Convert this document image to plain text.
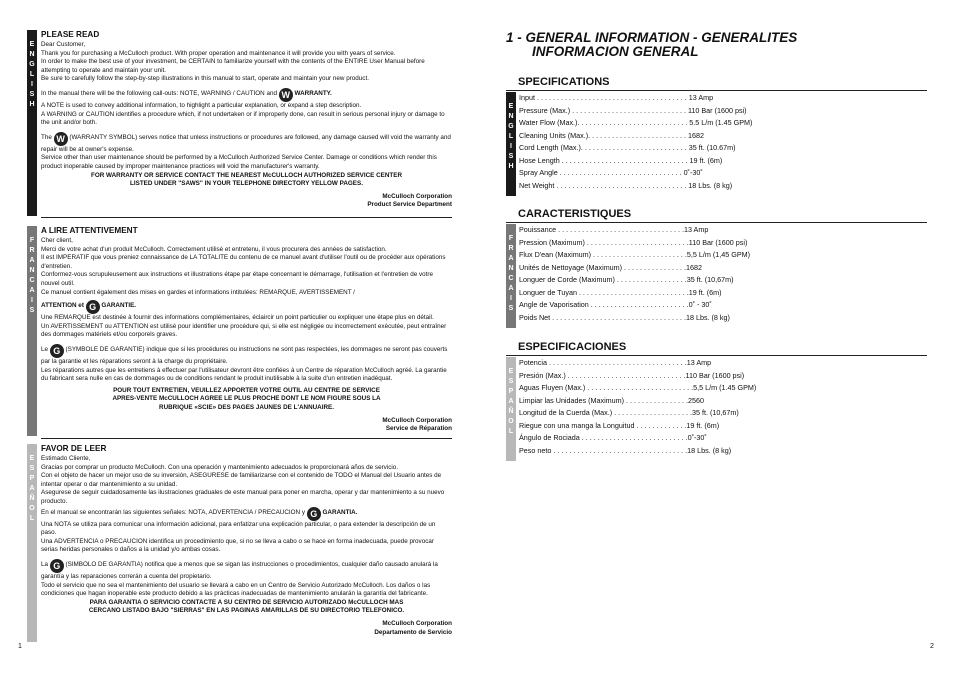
E
N
G
L
I
S
H
PLEASE READ

Dear Customer,

Thank you for purchasing a McCulloch product. With proper operation and maintenance it will provide you with years of service.

In order to make the best use of your investment, be CERTAIN to familiarize yourself with the contents of the ENTIRE User Manual before attempting to operate and maintain your unit.

Be sure to carefully follow the step-by-step illustrations in this manual to start, operate and maintain your new product.

In the manual there will be the following call-outs: NOTE, WARNING / CAUTION and W WARRANTY.

A NOTE is used to convey additional information, to highlight a particular explanation, or expand a step description.

A WARNING or CAUTION identifies a procedure which, if not undertaken or if improperly done, can result in serious personal injury or damage to the unit and/or both.

The W (WARRANTY SYMBOL) serves notice that unless instructions or procedures are followed, any damage caused will void the warranty and repair will be at owner's expense.

Service other than user maintenance should be performed by a McCulloch Authorized Service Center. Damage or conditions which render this product inoperable caused by improper maintenance practices will void the manufacturer's warranty.

FOR WARRANTY OR SERVICE CONTACT THE NEAREST McCULLOCH AUTHORIZED SERVICE CENTER

LISTED UNDER "SAWS" IN YOUR TELEPHONE DIRECTORY YELLOW PAGES.

McCulloch Corporation

Product Service Department

F
R
A
N
C
A
I
S
A LIRE ATTENTIVEMENT

Cher client,

Merci de votre achat d'un produit McCulloch. Correctement utilisé et entretenu, il vous procurera des années de satisfaction.

Il est IMPERATIF que vous preniez connaissance de LA TOTALITE du contenu de ce manuel avant d'utiliser l'outil ou de procéder aux opérations d'entretien.

Conformez-vous scrupuleusement aux instructions et illustrations étape par étape concernant le démarrage, l'utilisation et l'entretien de votre nouvel outil.

Ce manuel contient également des mises en gardes et informations intitulées: REMARQUE, AVERTISSEMENT /

ATTENTION et G GARANTIE.

Une REMARQUE est destinée à fournir des informations complémentaires, éclaircir un point particulier ou expliquer une étape plus en détail.

Un AVERTISSEMENT ou ATTENTION est utilisé pour identifier une procédure qui, si elle est négligée ou incorrectement exécutée, peut entraîner des dommages matériels et/ou corporels graves.

Le G (SYMBOLE DE GARANTIE) indique que si les procédures ou instructions ne sont pas respectées, les dommages ne seront pas couverts par la garantie et les réparations seront à la charge du propriétaire.

Les réparations autres que les entretiens à effectuer par l'utilisateur devront être confiées à un Centre de réparation McCulloch agréé. La garantie du fabricant sera nulle en cas de dommages ou de conditions rendant le produit inutilisable à la suite d'un entretien inadéquat.

POUR TOUT ENTRETIEN, VEUILLEZ APPORTER VOTRE OUTIL AU CENTRE DE SERVICE

APRES-VENTE McCULLOCH AGREE LE PLUS PROCHE DONT LE NOM FIGURE SOUS LA

RUBRIQUE «SCIE» DES PAGES JAUNES DE L'ANNUAIRE.

McCulloch Corporation

Service de Réparation

E
S
P
A
Ñ
O
L
FAVOR DE LEER

Estimado Cliente,

Gracias por comprar un producto McCulloch. Con una operación y mantenimiento adecuados le proporcionará años de servicio.

Con el objeto de hacer un mejor uso de su inversión, ASEGURESE de familiarizarse con el contenido de TODO el Manual del Usuario antes de intentar operar o dar mantenimiento a su unidad.

Asegurese de seguir cuidadosamente las ilustraciones graduales de este manual para poner en marcha, operar y dar mantenimiento a su nuevo producto.

En el manual se encontrarán las siguientes señales: NOTA, ADVERTENCIA / PRECAUCION y G GARANTIA.

Una NOTA se utiliza para comunicar una información adicional, para enfatizar una explicación particular, o para extender la descripción de un paso.

Una ADVERTENCIA o PRECAUCION identifica un procedimiento que, si no se lleva a cabo o se hace en forma inadecuada, puede provocar serias heridas personales o daños a la unidad y/o ambas cosas.

La G (SIMBOLO DE GARANTIA) notifica que a menos que se sigan las instrucciones o procedimientos, cualquier daño causado anulará la garantía y las reparaciones correrán a cuenta del propietario.

Todo el servicio que no sea el mantenimiento del usuario se llevará a cabo en un Centro de Servicio Autorizado McCulloch. Los daños o las condiciones que hagan inoperable este producto debido a las prácticas inadecuadas de mantenimiento anularán la garantía del fabricante.

PARA GARANTIA O SERVICIO CONTACTE A SU CENTRO DE SERVICIO AUTORIZADO McCULLOCH MAS

CERCANO LISTADO BAJO "SIERRAS" EN LAS PAGINAS AMARILLAS DE SU DIRECTORIO TELEFONICO.

McCulloch Corporation

Departamento de Servicio

1	2
1 - GENERAL INFORMATION - GENERALITES
INFORMACION GENERAL
SPECIFICATIONS
E
N
G
L
I
S
H
Input . . . . . . . . . . . . . . . . . . . . . . . . . . . . . . . . . . . . . . 13 Amp
Pressure (Max.) . . . . . . . . . . . . . . . . . . . . . . . . . . . . . 110 Bar (1600 psi)
Water Flow (Max.). . . . . . . . . . . . . . . . . . . . . . . . . . . . 5.5 L/m (1.45 GPM)
Cleaning Units (Max.). . . . . . . . . . . . . . . . . . . . . . . . . 1682
Cord Length (Max.). . . . . . . . . . . . . . . . . . . . . . . . . . . 35 ft. (10.67m)
Hose Length . . . . . . . . . . . . . . . . . . . . . . . . . . . . . . . . 19 ft. (6m)
Spray Angle . . . . . . . . . . . . . . . . . . . . . . . . . . . . . . . 0˚-30˚
Net Weight . . . . . . . . . . . . . . . . . . . . . . . . . . . . . . . . . 18 Lbs. (8 kg)
CARACTERISTIQUES
F
R
A
N
C
A
I
S
Pouissance . . . . . . . . . . . . . . . . . . . . . . . . . . . . . . . .13 Amp
Pression (Maximum) . . . . . . . . . . . . . . . . . . . . . . . . . .110 Bar (1600 psi)
Flux D'ean (Maximum) . . . . . . . . . . . . . . . . . . . . . . . .5,5 L/m (1,45 GPM)
Unités de Nettoyage (Maximum) . . . . . . . . . . . . . . . .1682
Longuer de Corde (Maximum) . . . . . . . . . . . . . . . . . .35 ft. (10,67m)
Longuer de Tuyan . . . . . . . . . . . . . . . . . . . . . . . . . . . .19 ft. (6m)
Angle de Vaporisation . . . . . . . . . . . . . . . . . . . . . . . . .0˚ - 30˚
Poids Net . . . . . . . . . . . . . . . . . . . . . . . . . . . . . . . . . .18 Lbs. (8 kg)
ESPECIFICACIONES
E
S
P
A
Ñ
O
L
Potencia . . . . . . . . . . . . . . . . . . . . . . . . . . . . . . . . . . .13 Amp
Presión (Max.) . . . . . . . . . . . . . . . . . . . . . . . . . . . . . .110 Bar (1600 psi)
Aguas Fluyen (Max.) . . . . . . . . . . . . . . . . . . . . . . . . . . .5,5 L/m (1.45 GPM)
Limpiar las Unidades (Maximum) . . . . . . . . . . . . . . . .2560
Longitud de la Cuerda (Max.) . . . . . . . . . . . . . . . . . . . .35 ft. (10,67m)
Riegue con una manga la Longuitud . . . . . . . . . . . . .19 ft. (6m)
Ángulo de Rociada . . . . . . . . . . . . . . . . . . . . . . . . . . .0˚-30˚
Peso neto . . . . . . . . . . . . . . . . . . . . . . . . . . . . . . . . . .18 Lbs. (8 kg)
